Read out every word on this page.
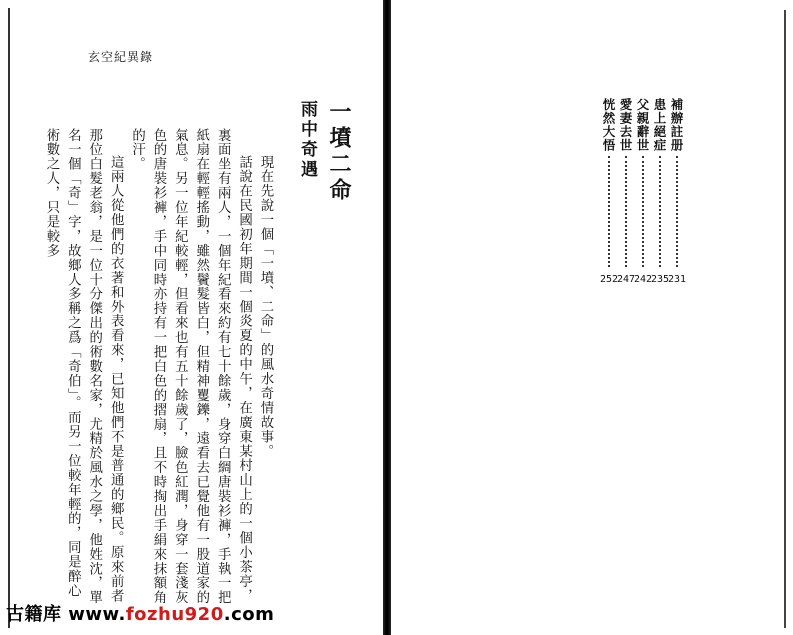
玄空紀異錄
一墳二命
雨中奇遇

現在先說一個「一墳、二命」的風水奇情故事。

話說在民國初年期間一個炎夏的中午，在廣東某村山上的一個小茶亭，裏面坐有兩人，一個年紀看來約有七十餘歲，身穿白綢唐裝衫褲，手執一把紙扇在輕輕搖動，雖然鬢髮皆白，但精神矍鑠，遠看去已覺他有一股道家的氣息。另一位年紀較輕，但看來也有五十餘歲了，臉色紅潤，身穿一套淺灰色的唐裝衫褲，手中同時亦持有一把白色的摺扇，且不時掏出手絹來抹額角的汗。

這兩人從他們的衣著和外表看來，已知他們不是普通的鄉民。原來前者那位白髮老翁，是一位十分傑出的術數名家，尤精於風水之學，他姓沈，單名一個「奇」字，故鄉人多稱之爲「奇伯」。而另一位較年輕的，同是醉心術數之人，只是較多

補辦註册
231
患上絕症
235
父親辭世
242
愛妻去世
247
恍然大悟
252
古籍库 www.fozhu920.com
